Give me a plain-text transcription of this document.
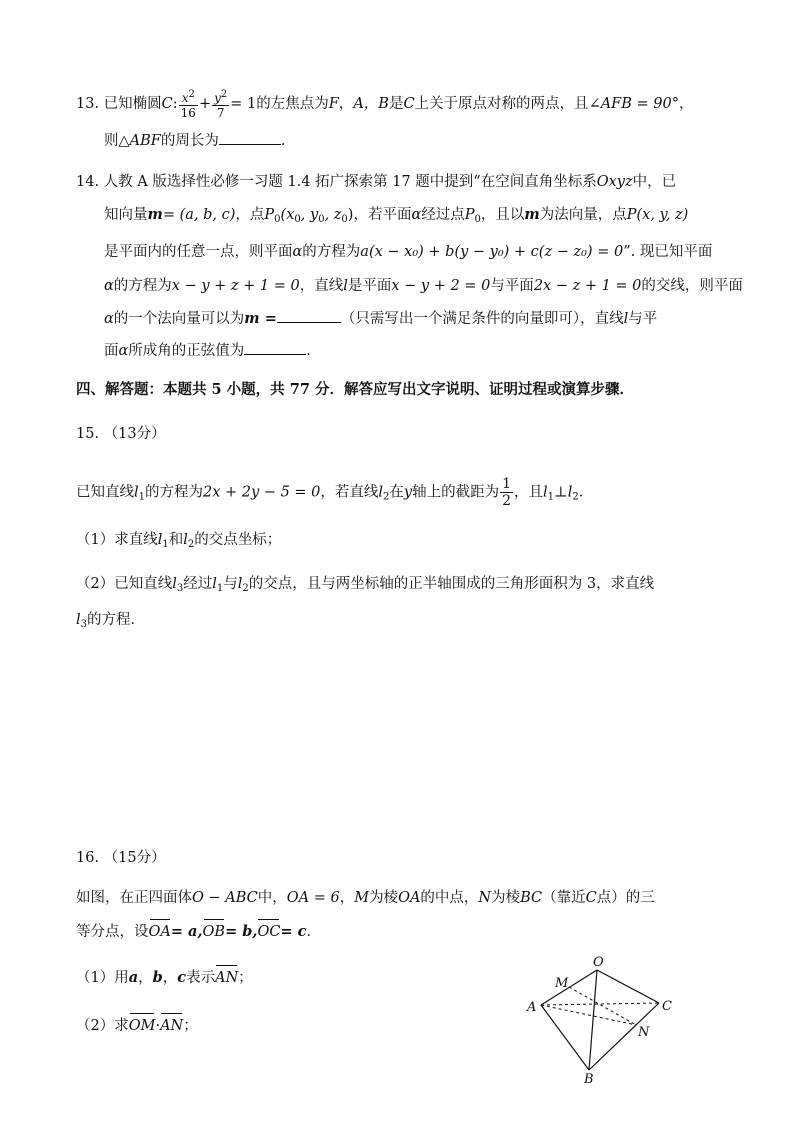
13. 已知椭圆C: $\frac{x^2}{16} + \frac{y^2}{7} = 1$的左焦点为F，A，B是C上关于原点对称的两点，且∠AFB = 90°，
则△ABF的周长为	.
14. 人教 A 版选择性必修一习题 1.4 拓广探索第 17 题中提到“在空间直角坐标系Oxyz中，已
知向量m= (a, b, c)，点$P_0(x_0$, $y_0$, $z_0$)，若平面α经过点$P_0$，且以m为法向量，点P(x, y, z)
是平面内的任意一点，则平面α的方程为a(x − x₀) + b(y − y₀) + c(z − z₀) = 0”. 现已知平面
α的方程为x − y + z + 1 = 0，直线l是平面x − y + 2 = 0与平面2x − z + 1 = 0的交线，则平面
α的一个法向量可以为m =	（只需写出一个满足条件的向量即可），直线l与平
面α所成角的正弦值为	.
四、解答题：本题共 5 小题，共 77 分．解答应写出文字说明、证明过程或演算步骤．
15. （13分）
已知直线$l_1$的方程为2x + 2y − 5 = 0，若直线$l_2$在y轴上的截距为 $\frac{1}{2}$ ，且$l_1\perp l_2$．
（1）求直线$l_1$和$l_2$的交点坐标；
（2）已知直线$l_3$经过$l_1$与$l_2$的交点，且与两坐标轴的正半轴围成的三角形面积为 3，求直线
$l_3$的方程．
16. （15分）
如图，在正四面体O − ABC中，OA = 6，M为棱OA的中点，N为棱BC（靠近C点）的三
等分点，设OA= a,OB= b,OC= c．
（1）用a，b，c表示AN；
（2）求OM·AN；
O
M
A	C
N
B
